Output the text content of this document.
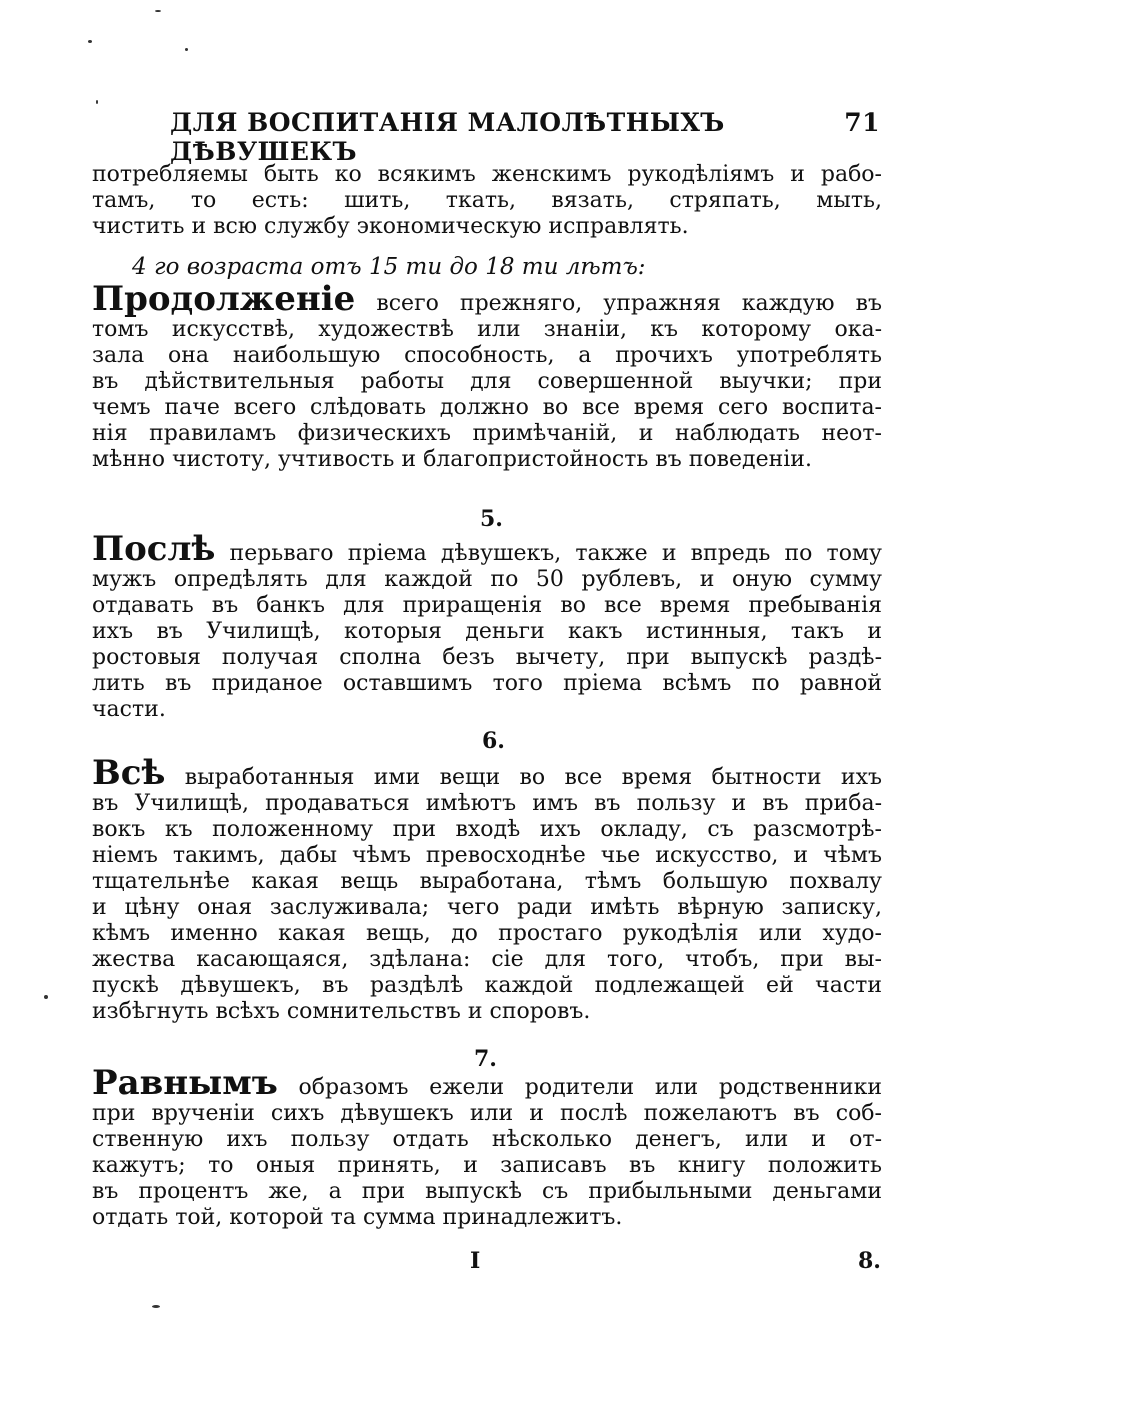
ДЛЯ ВОСПИТАНІЯ МАЛОЛѢТНЫХЪ ДѢВУШЕКЪ
71
потребляемы быть ко всякимъ женскимъ рукодѣліямъ и рабо-
тамъ, то есть: шить, ткать, вязать, стряпать, мыть,
чистить и всю службу экономическую исправлять.
4 го возраста отъ 15 ти до 18 ти лѣтъ:
Продолженіе всего прежняго, упражняя каждую въ
томъ искусствѣ, художествѣ или знаніи, къ которому ока-
зала она наибольшую способность, а прочихъ употреблять
въ дѣйствительныя работы для совершенной выучки; при
чемъ паче всего слѣдовать должно во все время сего воспита-
нія правиламъ физическихъ примѣчаній, и наблюдать неот-
мѣнно чистоту, учтивость и благопристойность въ поведеніи.
5.
Послѣ перьваго пріема дѣвушекъ, также и впредь по тому
мужъ опредѣлять для каждой по 50 рублевъ, и оную сумму
отдавать въ банкъ для приращенія во все время пребыванія
ихъ въ Училищѣ, которыя деньги какъ истинныя, такъ и
ростовыя получая сполна безъ вычету, при выпускѣ раздѣ-
лить въ приданое оставшимъ того пріема всѣмъ по равной
части.
6.
Всѣ выработанныя ими вещи во все время бытности ихъ
въ Училищѣ, продаваться имѣютъ имъ въ пользу и въ приба-
вокъ къ положенному при входѣ ихъ окладу, съ разсмотрѣ-
ніемъ такимъ, дабы чѣмъ превосходнѣе чье искусство, и чѣмъ
тщательнѣе какая вещь выработана, тѣмъ большую похвалу
и цѣну оная заслуживала; чего ради имѣть вѣрную записку,
кѣмъ именно какая вещь, до простаго рукодѣлія или худо-
жества касающаяся, здѣлана: сіе для того, чтобъ, при вы-
пускѣ дѣвушекъ, въ раздѣлѣ каждой подлежащей ей части
избѣгнуть всѣхъ сомнительствъ и споровъ.
7.
Равнымъ образомъ ежели родители или родственники
при врученіи сихъ дѣвушекъ или и послѣ пожелаютъ въ соб-
ственную ихъ пользу отдать нѣсколько денегъ, или и от-
кажутъ; то оныя принять, и записавъ въ книгу положить
въ процентъ же, а при выпускѣ съ прибыльными деньгами
отдать той, которой та сумма принадлежитъ.
I	8.
